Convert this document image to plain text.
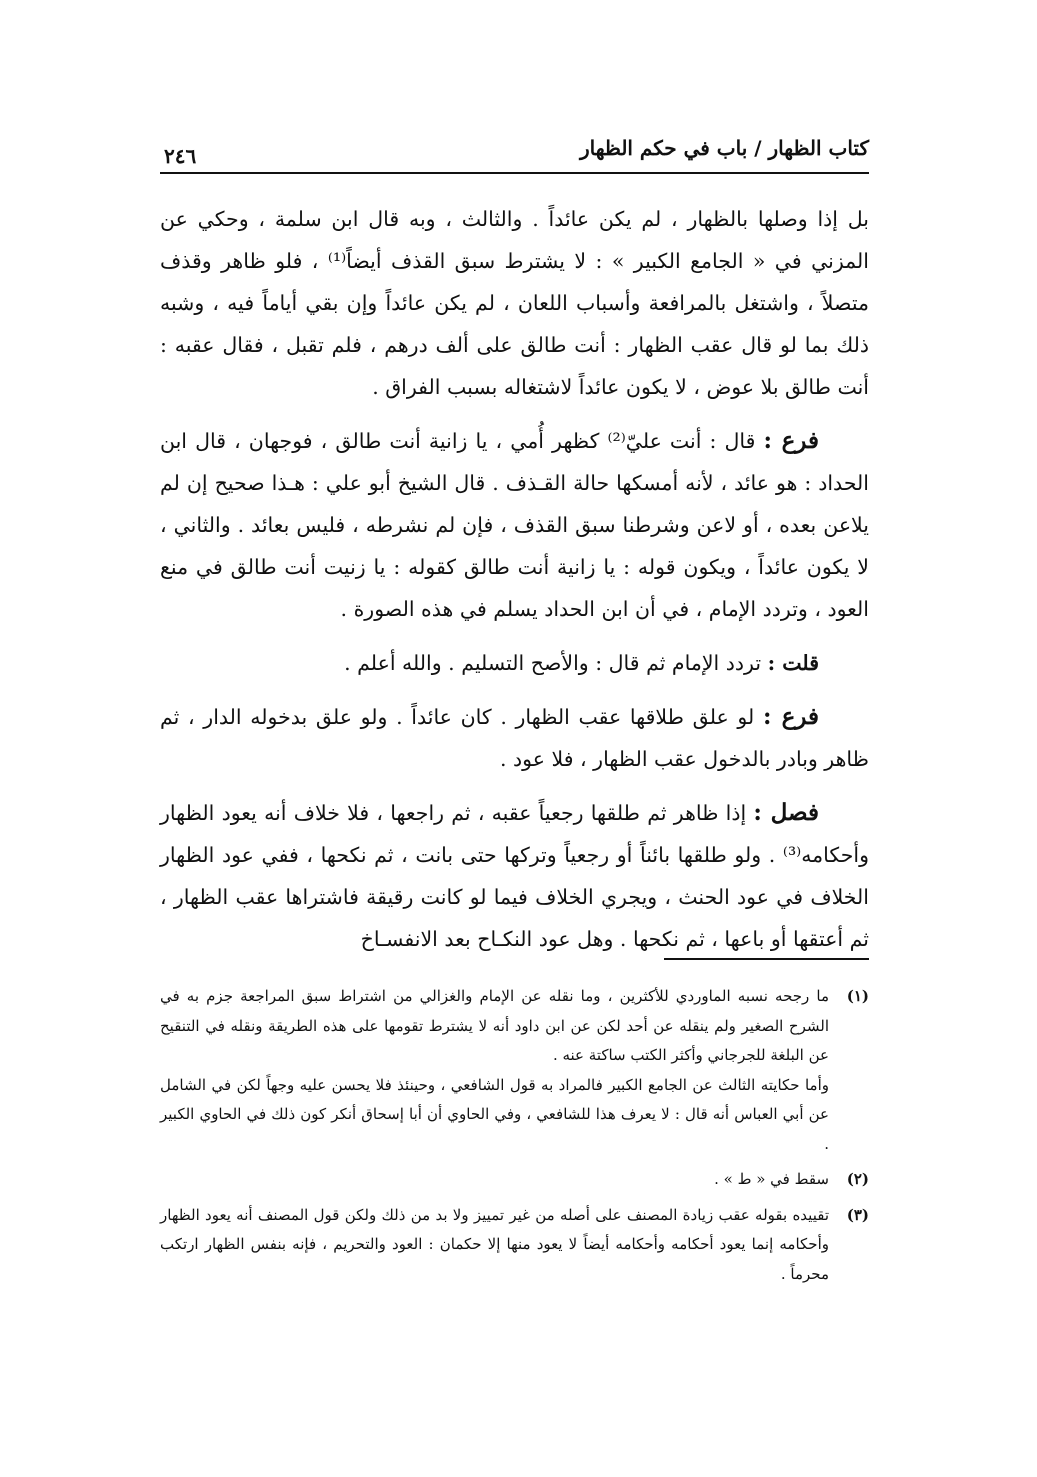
كتاب الظهار / باب في حكم الظهار
٢٤٦

بل إذا وصلها بالظهار ، لم يكن عائداً . والثالث ، وبه قال ابن سلمة ، وحكي عن المزني في « الجامع الكبير » : لا يشترط سبق القذف أيضاً⁽¹⁾ ، فلو ظاهر وقذف متصلاً ، واشتغل بالمرافعة وأسباب اللعان ، لم يكن عائداً وإن بقي أياماً فيه ، وشبه ذلك بما لو قال عقب الظهار : أنت طالق على ألف درهم ، فلم تقبل ، فقال عقبه : أنت طالق بلا عوض ، لا يكون عائداً لاشتغاله بسبب الفراق .

فرع : قال : أنت عليّ⁽²⁾ كظهر أُمي ، يا زانية أنت طالق ، فوجهان ، قال ابن الحداد : هو عائد ، لأنه أمسكها حالة القـذف . قال الشيخ أبو علي : هـذا صحيح إن لم يلاعن بعده ، أو لاعن وشرطنا سبق القذف ، فإن لم نشرطه ، فليس بعائد . والثاني ، لا يكون عائداً ، ويكون قوله : يا زانية أنت طالق كقوله : يا زنيت أنت طالق في منع العود ، وتردد الإمام ، في أن ابن الحداد يسلم في هذه الصورة .

قلت : تردد الإمام ثم قال : والأصح التسليم . والله أعلم .

فرع : لو علق طلاقها عقب الظهار . كان عائداً . ولو علق بدخوله الدار ، ثم ظاهر وبادر بالدخول عقب الظهار ، فلا عود .

فصل : إذا ظاهر ثم طلقها رجعياً عقبه ، ثم راجعها ، فلا خلاف أنه يعود الظهار وأحكامه⁽³⁾ . ولو طلقها بائناً أو رجعياً وتركها حتى بانت ، ثم نكحها ، ففي عود الظهار الخلاف في عود الحنث ، ويجري الخلاف فيما لو كانت رقيقة فاشتراها عقب الظهار ، ثم أعتقها أو باعها ، ثم نكحها . وهل عود النكـاح بعد الانفسـاخ

(١)
ما رجحه نسبه الماوردي للأكثرين ، وما نقله عن الإمام والغزالي من اشتراط سبق المراجعة جزم به في الشرح الصغير ولم ينقله عن أحد لكن عن ابن داود أنه لا يشترط تقومها على هذه الطريقة ونقله في التنقيح عن البلغة للجرجاني وأكثر الكتب ساكتة عنه .
وأما حكايته الثالث عن الجامع الكبير فالمراد به قول الشافعي ، وحينئذ فلا يحسن عليه وجهاً لكن في الشامل عن أبي العباس أنه قال : لا يعرف هذا للشافعي ، وفي الحاوي أن أبا إسحاق أنكر كون ذلك في الحاوي الكبير .
(٢)
سقط في « ط » .
(٣)
تقييده بقوله عقب زيادة المصنف على أصله من غير تمييز ولا بد من ذلك ولكن قول المصنف أنه يعود الظهار وأحكامه إنما يعود أحكامه وأحكامه أيضاً لا يعود منها إلا حكمان : العود والتحريم ، فإنه بنفس الظهار ارتكب محرماً .
